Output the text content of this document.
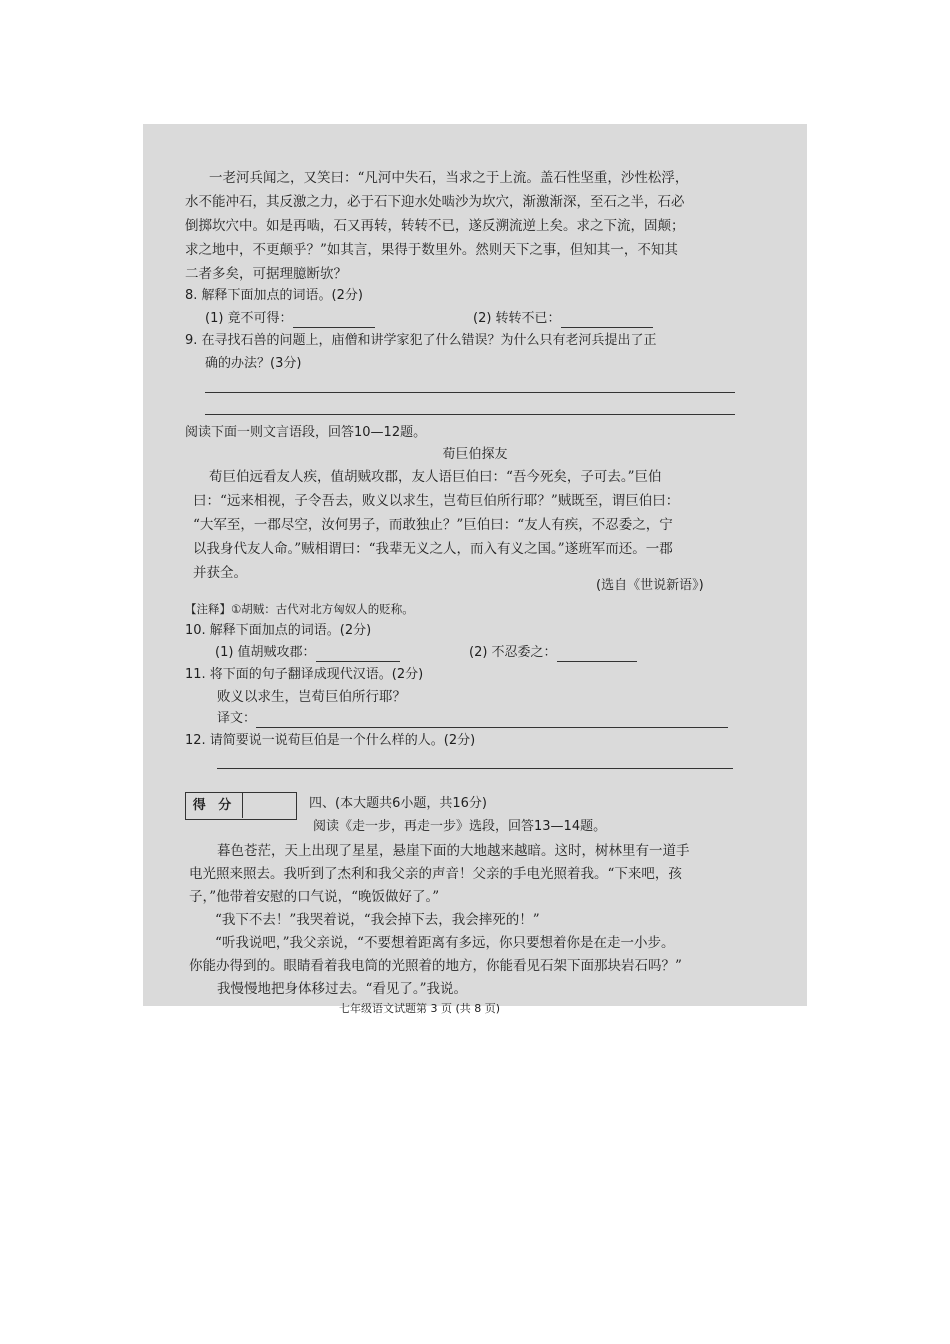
一老河兵闻之，又笑曰：“凡河中失石，当求之于上流。盖石性坚重，沙性松浮，
水不能冲石，其反激之力，必于石下迎水处啮沙为坎穴，渐激渐深，至石之半，石必
倒掷坎穴中。如是再啮，石又再转，转转不已，遂反溯流逆上矣。求之下流，固颠；
求之地中，不更颠乎？”如其言，果得于数里外。然则天下之事，但知其一，不知其
二者多矣，可据理臆断欤？
8. 解释下面加点的词语。(2分)
(1) 竟不可得：	(2) 转转不已：
9. 在寻找石兽的问题上，庙僧和讲学家犯了什么错误？为什么只有老河兵提出了正
确的办法？(3分)
阅读下面一则文言语段，回答10—12题。
荀巨伯探友
荀巨伯远看友人疾，值胡贼攻郡，友人语巨伯曰：“吾今死矣，子可去。”巨伯
曰：“远来相视，子令吾去，败义以求生，岂荀巨伯所行耶？”贼既至，谓巨伯曰：
“大军至，一郡尽空，汝何男子，而敢独止？”巨伯曰：“友人有疾，不忍委之，宁
以我身代友人命。”贼相谓曰：“我辈无义之人，而入有义之国。”遂班军而还。一郡
并获全。
(选自《世说新语》)
【注释】①胡贼：古代对北方匈奴人的贬称。
10. 解释下面加点的词语。(2分)
(1) 值胡贼攻郡：	(2) 不忍委之：
11. 将下面的句子翻译成现代汉语。(2分)
败义以求生，岂荀巨伯所行耶？
译文：
12. 请简要说一说荀巨伯是一个什么样的人。(2分)
得 分	四、(本大题共6小题，共16分)
阅读《走一步，再走一步》选段，回答13—14题。
暮色苍茫，天上出现了星星，悬崖下面的大地越来越暗。这时，树林里有一道手
电光照来照去。我听到了杰利和我父亲的声音！父亲的手电光照着我。“下来吧，孩
子，”他带着安慰的口气说，“晚饭做好了。”
“我下不去！”我哭着说，“我会掉下去，我会摔死的！”
“听我说吧，”我父亲说，“不要想着距离有多远，你只要想着你是在走一小步。
你能办得到的。眼睛看着我电筒的光照着的地方，你能看见石架下面那块岩石吗？”
我慢慢地把身体移过去。“看见了。”我说。
七年级语文试题第 3 页 (共 8 页)
